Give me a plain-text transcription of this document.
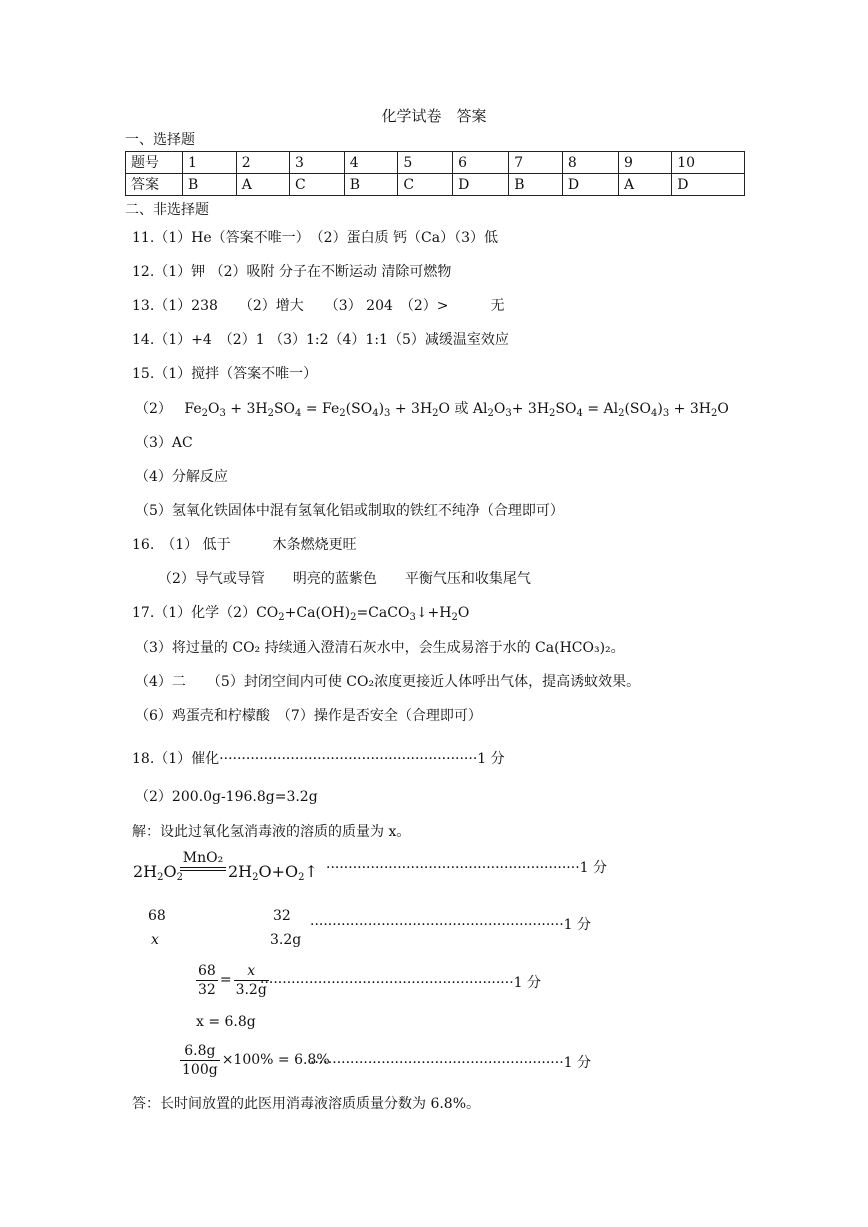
化学试卷　答案
一、选择题
题号	1	2	3	4	5	6	7	8	9	10
答案	B	A	C	B	C	D	B	D	A	D
二、非选择题
11.（1）He（答案不唯一）　（2）蛋白质 钙（Ca）（3）低
12.（1）钾 （2）吸附 分子在不断运动 清除可燃物
13.（1）238　　（2）增大　　（3） 204　（2）>　　　无
14.（1）+4　（2）1 （3）1:2（4）1:1（5）减缓温室效应
15.（1）搅拌（答案不唯一）
（2） $Fe_2O_3 + 3H_2SO_4 = Fe_2(SO_4)_3 + 3H_2O$ 或 $Al_2O_3+ 3H_2SO_4 = Al_2(SO_4)_3 + 3H_2O$
（3）AC
（4）分解反应
（5）氢氧化铁固体中混有氢氧化铝或制取的铁红不纯净（合理即可）
16.　（1） 低于　　　木条燃烧更旺
（2）导气或导管　　明亮的蓝紫色　　平衡气压和收集尾气
17.（1）化学$(2)CO_2+Ca(OH)_2=CaCO_3↓+H_2O$
（3）将过量的 CO₂ 持续通入澄清石灰水中，会生成易溶于水的 Ca(HCO₃)₂。
（4）二　　（5）封闭空间内可使 CO₂浓度更接近人体呼出气体，提高诱蚊效果。
（6）鸡蛋壳和柠檬酸　（7）操作是否安全（合理即可）
18.（1）催化··························································1 分
（2）200.0g-196.8g=3.2g
解：设此过氧化氢消毒液的溶质的质量为 x。
MnO₂
$2H_2O_2$	$2H_2O+O_2↑ \cdot\cdot\cdot\cdot\cdot\cdot\cdot\cdot\cdot\cdot\cdot\cdot\cdot\cdot\cdot\cdot\cdot\cdot\cdot\cdot\cdot\cdot\cdot\cdot\cdot\cdot\cdot\cdot\cdot\cdot\cdot\cdot\cdot\cdot\cdot\cdot\cdot\cdot\cdot\cdot\cdot\cdot\cdot\cdot\cdot\cdot\cdot\cdot\cdot\cdot\cdot\cdot\cdot\cdot\cdot\cdot\cdot 1$ 分
68	32
x	3.2g
·························································1 分
$\frac{68}{32} = \frac{x}{3.2g}$
·························································1 分
x = 6.8g
$\frac{6.8g}{100g} \times 100\% = 6.8\%$
·························································1 分
答：长时间放置的此医用消毒液溶质质量分数为 6.8%。
